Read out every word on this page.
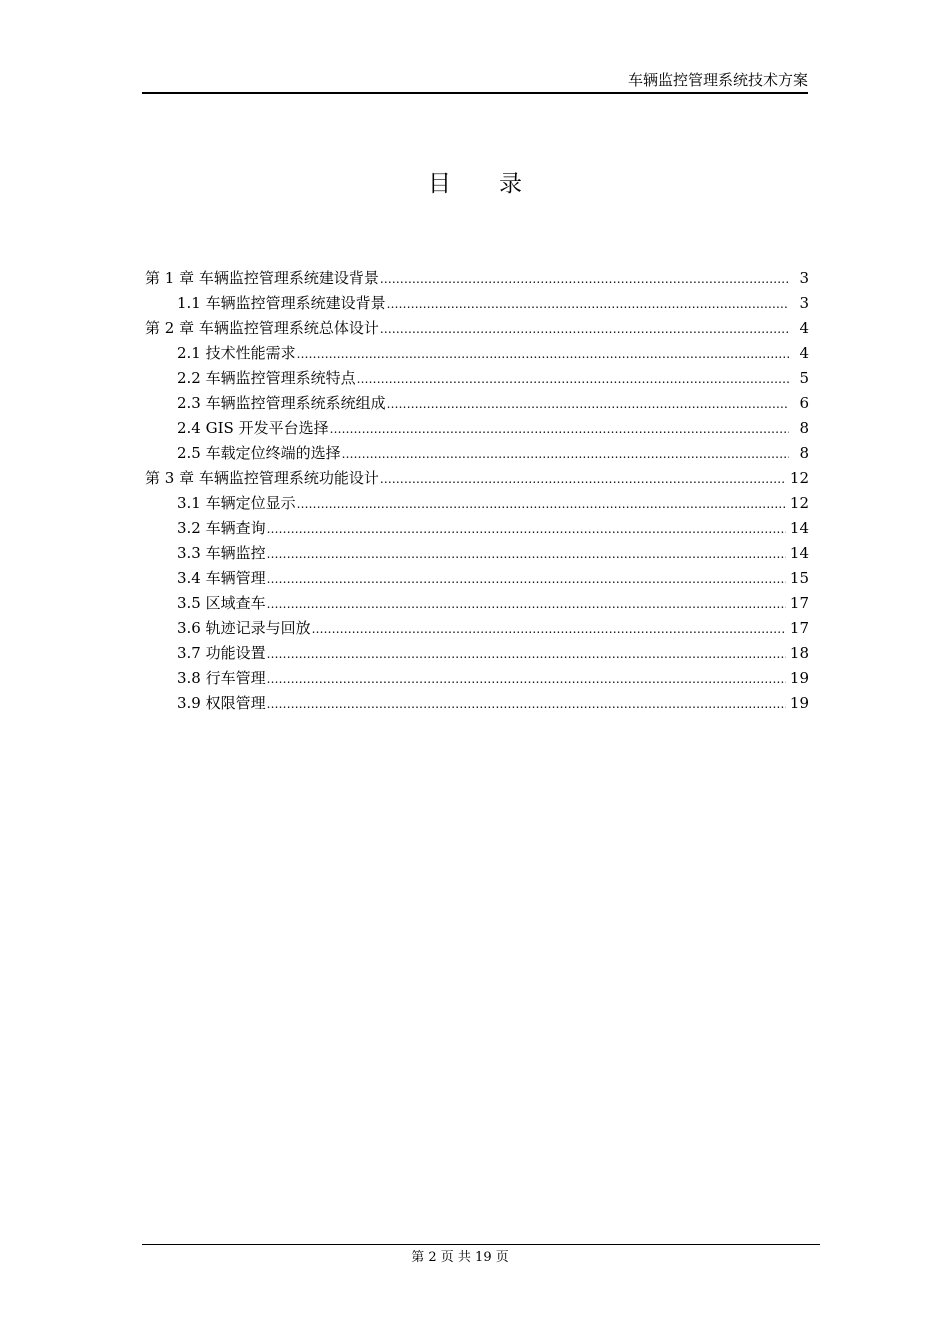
车辆监控管理系统技术方案
目录
第 1 章 车辆监控管理系统建设背景 .....	3
1.1 车辆监控管理系统建设背景 .....	3
第 2 章 车辆监控管理系统总体设计 .....	4
2.1 技术性能需求 .....	4
2.2 车辆监控管理系统特点 .....	5
2.3 车辆监控管理系统系统组成 .....	6
2.4 GIS 开发平台选择 .....	8
2.5 车载定位终端的选择 .....	8
第 3 章 车辆监控管理系统功能设计 .....	12
3.1 车辆定位显示 .....	12
3.2 车辆查询 .....	14
3.3 车辆监控 .....	14
3.4 车辆管理 .....	15
3.5 区域查车 .....	17
3.6 轨迹记录与回放 .....	17
3.7 功能设置 .....	18
3.8 行车管理 .....	19
3.9 权限管理 .....	19
第 2 页 共 19 页
